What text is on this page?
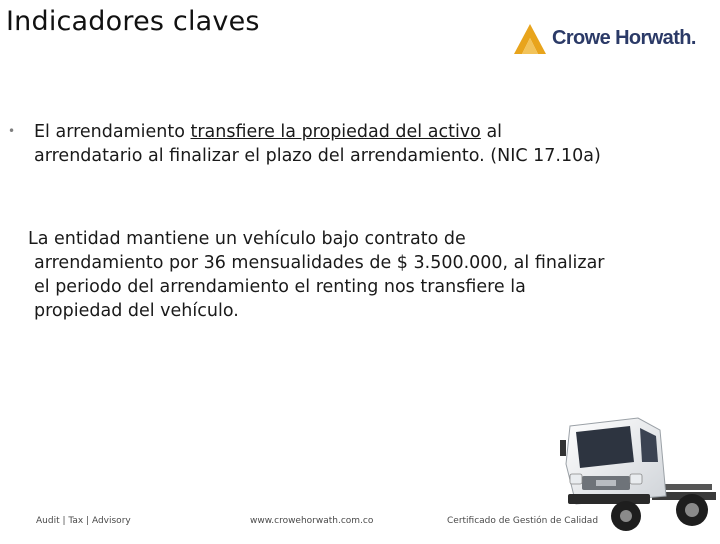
Indicadores claves
Crowe Horwath.
• El arrendamiento transfiere la propiedad del activo al arrendatario al finalizar el plazo del arrendamiento. (NIC 17.10a)

La entidad mantiene un vehículo bajo contrato de
arrendamiento por 36 mensualidades de $ 3.500.000, al finalizar el periodo del arrendamiento el renting nos transfiere la propiedad del vehículo.
Audit | Tax | Advisory	www.crowehorwath.com.co	Certificado de Gestión de Calidad
